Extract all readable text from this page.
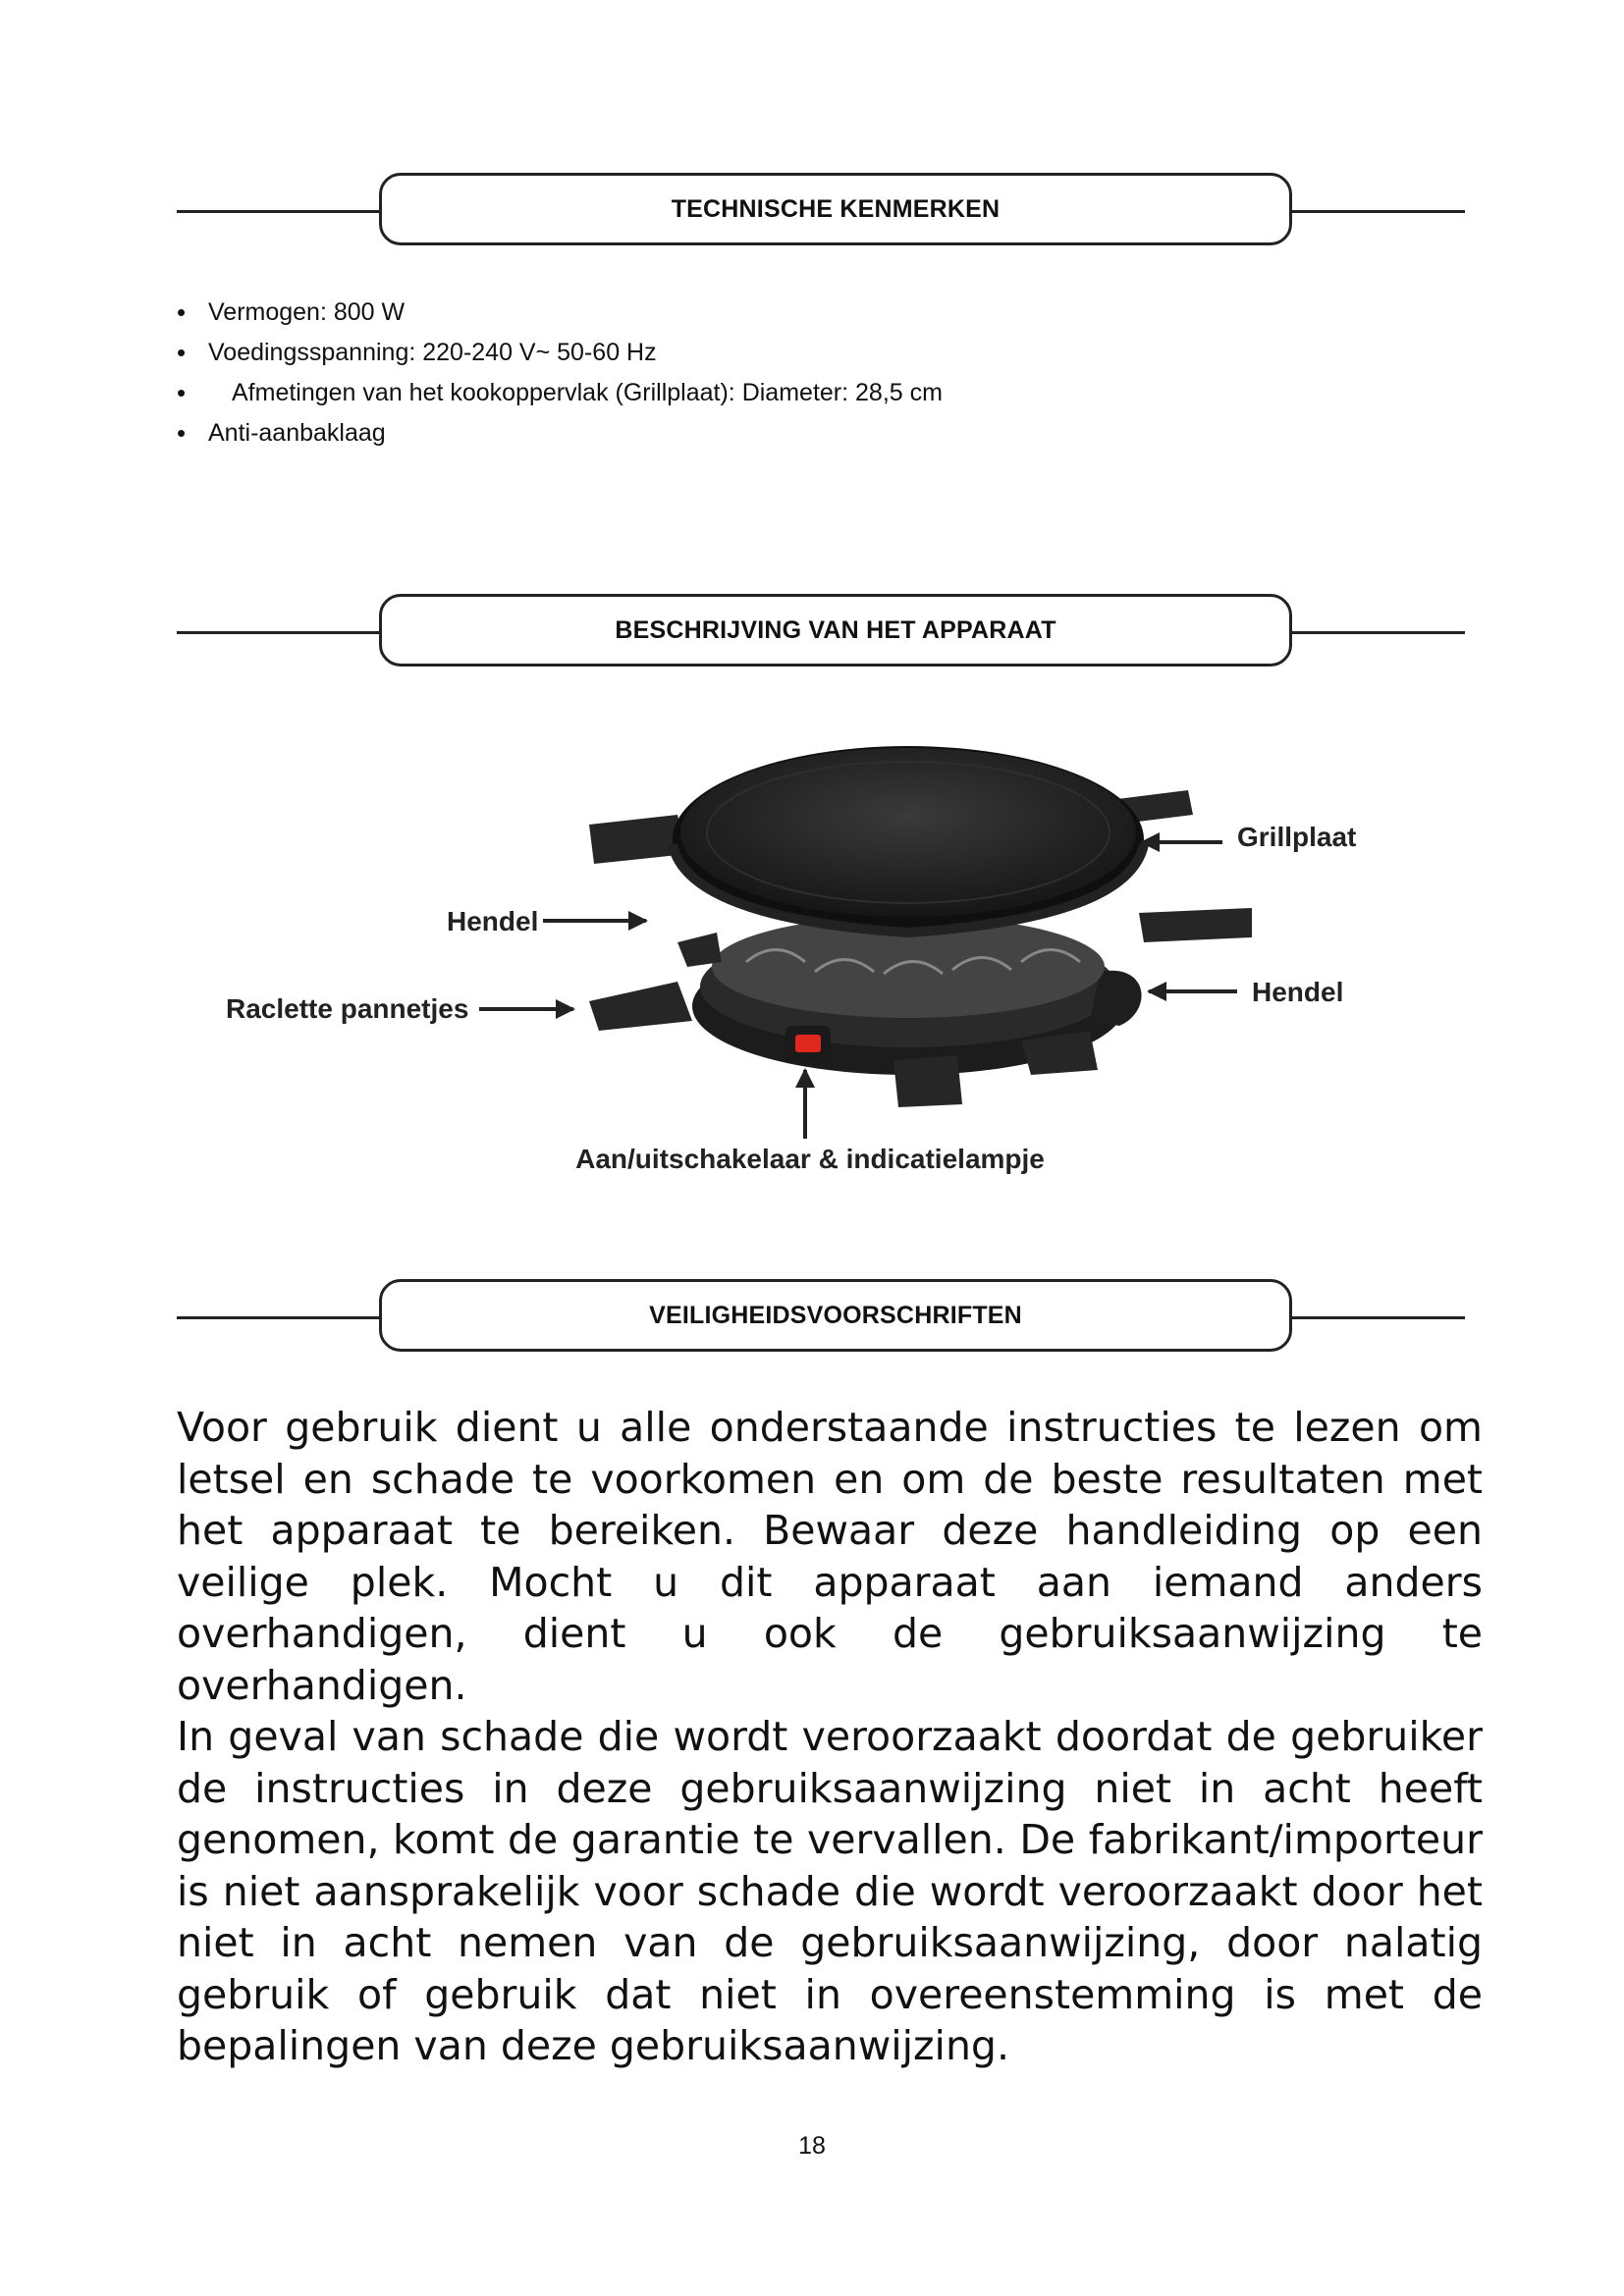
TECHNISCHE KENMERKEN
• Vermogen: 800 W
• Voedingsspanning: 220-240 V~ 50-60 Hz
• Afmetingen van het kookoppervlak (Grillplaat): Diameter: 28,5 cm
• Anti-aanbaklaag
BESCHRIJVING VAN HET APPARAAT
Grillplaat
Hendel
Raclette pannetjes
Hendel
Aan/uitschakelaar & indicatielampje
VEILIGHEIDSVOORSCHRIFTEN

Voor gebruik dient u alle onderstaande instructies te lezen om letsel en schade te voorkomen en om de beste resultaten met het apparaat te bereiken. Bewaar deze handleiding op een veilige plek. Mocht u dit apparaat aan iemand anders overhandigen, dient u ook de gebruiksaanwijzing te overhandigen.

In geval van schade die wordt veroorzaakt doordat de gebruiker de instructies in deze gebruiksaanwijzing niet in acht heeft genomen, komt de garantie te vervallen. De fabrikant/importeur is niet aansprakelijk voor schade die wordt veroorzaakt door het niet in acht nemen van de gebruiksaanwijzing, door nalatig gebruik of gebruik dat niet in overeenstemming is met de bepalingen van deze gebruiksaanwijzing.

18
